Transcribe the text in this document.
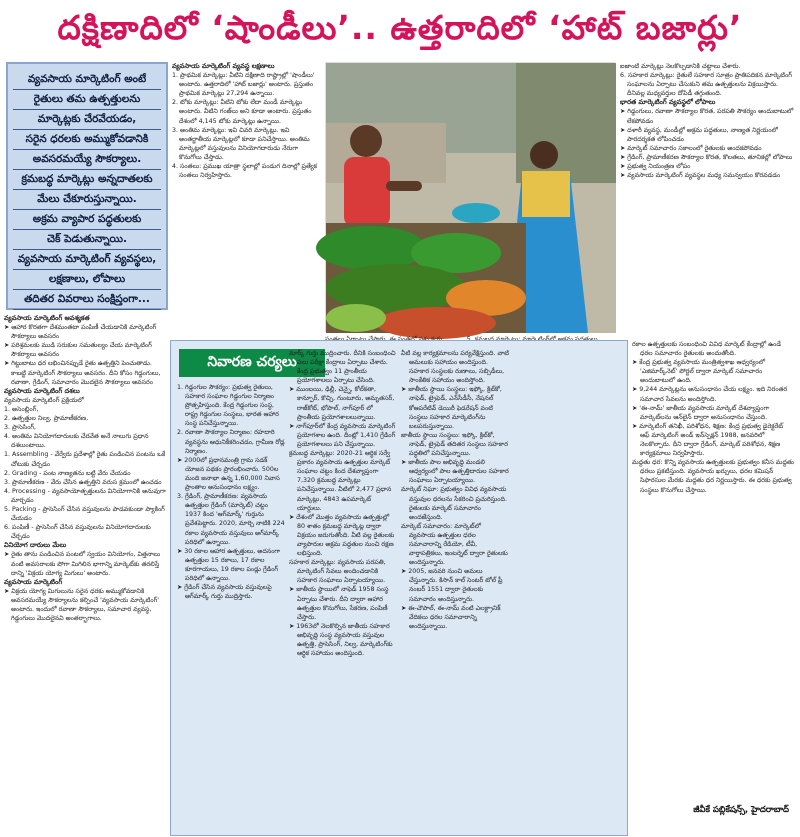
దక్షిణాదిలో ‘షాండీలు’.. ఉత్తరాదిలో ‘హాట్ బజార్లు’

వ్యవసాయ మార్కెటింగ్ అంటే

రైతులు తమ ఉత్పత్తులను

మార్కెట్లకు చేరవేయడం,

సరైన ధరలకు అమ్ముకోవడానికి

అవసరమయ్యే సౌకర్యాలు.

క్రమబద్ధ మార్కెట్లు అన్నదాతలకు

మేలు చేకూరుస్తున్నాయి.

అక్రమ వ్యాపార పద్ధతులకు

చెక్ పెడుతున్నాయి.

వ్యవసాయ మార్కెటింగ్ వ్యవస్థలు,

లక్షణాలు, లోపాలు

తదితర వివరాలు సంక్షిప్తంగా...

వ్యవసాయ మార్కెటింగ్ ఆవశ్యకత
➤ ఆహార కొరతగా దేశమంతటా పంపిణీ చేయడానికి మార్కెటింగ్ సౌకర్యాలు అవసరం
➤ పరిశ్రమలకు ముడి సరుకుల సమతుల్యం చేయ మార్కెటింగ్ సౌకర్యాలు అవసరం
➤ గిట్టుబాటు ధర లభించినప్పుడే రైతు ఉత్పత్తిని పెంచుతాడు. కాబట్టి మార్కెటింగ్ సౌకర్యాలు అవసరం. దీని కోసం గిడ్డంగులు, రవాణా, గ్రేడింగ్, సమాచారం మొదలైన సౌకర్యాలు అవసరం
వ్యవసాయ మార్కెటింగ్ దశలు
వ్యవసాయ మార్కెటింగ్ ప్రక్రియలో
1. అసెంబ్లింగ్,
2. ఉత్పత్తుల నిల్వ, ప్రామాణీకరణ,
3. ప్రాసెసింగ్,
4. అంతిమ వినియోగదారులకు చేరవేత అనే నాలుగు ప్రధాన దశలుంటాయి.
1. Assembling - వేర్వేరు ప్రదేశాల్లో రైతు పండించిన పంటను ఒకే చోటుకు చేర్చడం
2. Grading - పంట నాణ్యతను బట్టి వేరు చేయడం
3. ప్రామాణీకరణ - వేరు చేసిన ఉత్పత్తిని వరుస క్రమంలో ఉంచడం
4. Processing - వ్యవసాయోత్పత్తులను వినియోగానికి అనువుగా మార్చడం
5. Packing - ప్రాసెసింగ్ చేసిన వస్తువులను పాడవకుండా ప్యాకింగ్ చేయడం
6. పంపిణీ - ప్రాసెసింగ్ చేసిన వస్తువులను వినియోగదారులకు చేర్చడం
వినియోగ దారులు మేలు
➤ రైతు తాను పండించిన పంటలో స్వయం వినియోగం, విత్తనాలు వంటి అవసరాలకు పోగా మిగిలిన భాగాన్ని మార్కెట్‌కు తరలిస్తే దాన్ని 'విక్రయ యోగ్య మిగులు' అంటారు.
వ్యవసాయ మార్కెటింగ్
➤ విక్రయ యోగ్య మిగులును సరైన ధరకు అమ్ముకోవడానికి అవసరమయ్యే సౌకర్యాలను కల్పించే 'వ్యవసాయ మార్కెటింగ్' అంటారు. ఇందులో రవాణా సౌకర్యాలు, సమాచార వ్యవస్థ, గిడ్డంగులు మొదలైనవి అంతర్భాగాలు.
వ్యవసాయ మార్కెటింగ్ వ్యవస్థ లక్షణాలు
1. ప్రాథమిక మార్కెట్లు: వీటిని దక్షిణాది రాష్ట్రాల్లో 'షాండీలు' అంటారు. ఉత్తరాదిలో 'హాట్ బజార్లు' అంటారు. ప్రస్తుతం ప్రాథమిక మార్కెట్లు 27,294 ఉన్నాయి.
2. టోకు మార్కెట్లు: వీటిని టోకు లేదా మండీ మార్కెట్లు అంటారు. వీటిని గంజ్‌లు అని కూడా అంటారు. ప్రస్తుతం దేశంలో 4,145 టోకు మార్కెట్లు ఉన్నాయి.
3. అంతిమ మార్కెట్లు: ఇవి చివరి మార్కెట్లు. ఇవి అంతర్జాతీయ మార్కెట్లలో కూడా పనిచేస్తాయి. అంతిమ మార్కెట్లలో వస్తువులను వినియోగదారుడు నేరుగా కొనుగోలు చేస్తాడు.
4. సంతలు: ప్రముఖ యాత్రా స్థలాల్లో పండుగ దినాల్లో ప్రత్యేక సంతలు నిర్వహిస్తారు.
ఐజాంటి మార్కెట్లు నెలకొల్పడానికి చట్టాలు చేశారు.
6. సహకార మార్కెట్లు: రైతులే సహకార సూత్రం ప్రాతిపదికన మార్కెటింగ్ సంఘాలను ఏర్పాటు చేసుకుని తమ ఉత్పత్తులను విక్రయిస్తారు. దీనివల్ల మధ్యవర్తుల దోపిడీ తగ్గుతుంది.
భారత మార్కెటింగ్ వ్యవస్థలో లోపాలు
➤ గిడ్డంగులు, రవాణా సౌకర్యాల కొరత, పరపతి సౌకర్యం అందుబాటులో లేకపోవడం
➤ దళారీ వ్యవస్థ, మండీల్లో అక్రమ పద్ధతులు, నాణ్యత నిర్ణయంలో పారదర్శకత లోపించడం
➤ మార్కెట్ సమాచారం సకాలంలో రైతులకు అందకపోవడం
➤ గ్రేడింగ్, ప్రామాణీకరణ సౌకర్యాల కొరత, కొలతలు, తూనికల్లో లోపాలు
➤ ప్రభుత్వ నియంత్రణ లోపం
➤ వ్యవసాయ మార్కెటింగ్ వ్యవస్థల మధ్య సమన్వయం కొరవడడం
నివారణ చర్యలు
1. గిడ్డంగుల సౌకర్యం: ప్రభుత్వ రైతులు, సహకార సంఘాల గిడ్డంగుల నిర్మాణం ప్రోత్సహిస్తుంది. కేంద్ర గిడ్డంగుల సంస్థ, రాష్ట్ర గిడ్డంగుల సంస్థలు, భారత ఆహార సంస్థ పనిచేస్తున్నాయి.
2. రవాణా సౌకర్యాల నిర్మాణం: రహదారి వ్యవస్థను ఆధునికీకరించడం, గ్రామీణ రోడ్ల నిర్మాణం.
➤ 2000లో ప్రధానమంత్రి గ్రామ సడక్ యోజన పథకం ప్రారంభించారు. 500ల మంది జనాభా ఉన్న 1,60,000 నివాస ప్రాంతాల అనుసంధానం లక్ష్యం.
3. గ్రేడింగ్, ప్రామాణీకరణ: వ్యవసాయ ఉత్పత్తుల గ్రేడింగ్ (మార్కెట్) చట్టం 1937 కింద 'ఆగ్‌మార్క్' గుర్తును ప్రవేశపెట్టారు. 2020, మార్చి నాటికి 224 రకాల వ్యవసాయ వస్తువులు అగ్‌మార్క్ పరిధిలో ఉన్నాయి.
➤ 30 రకాల ఆహార ఉత్పత్తులు, అదనంగా ఉత్పత్తుల 15 రకాలు, 17 రకాల కూరగాయలు, 19 రకాల పండ్లు గ్రేడింగ్ పరిధిలో ఉన్నాయి.
➤ గ్రేడింగ్ చేసిన వ్యవసాయ వస్తువులపై అగ్‌మార్క్ గుర్తు ముద్రిస్తారు.
మార్క్ గుర్తు ముద్రించారు. దీనికి సంబంధించి పలు పరీక్షా కేంద్రాలు ఏర్పాటు చేశారు. కేంద్ర ప్రభుత్వం 11 ప్రాంతీయ ప్రయోగశాలలు ఏర్పాటు చేసింది.
➤ ముంబయి, ఢిల్లీ, చెన్నై, కోల్‌కతా, కాన్పూర్, కొచ్చి, గుంటూరు, అమృతసర్, రాజ్‌కోట్, భోపాల్, నాగ్‌పూర్ లో ప్రాంతీయ ప్రయోగశాలలున్నాయి.
➤ నాగ్‌పూర్‌లో కేంద్ర వ్యవసాయ మార్కెటింగ్ ప్రయోగశాల ఉంది. దీంట్లో 1,410 గ్రేడింగ్ ప్రయోగశాలలు పని చేస్తున్నాయి.
క్రమబద్ధ మార్కెట్లు: 2020-21 ఆర్థిక సర్వే ప్రకారం వ్యవసాయ ఉత్పత్తుల మార్కెట్ సంఘాల చట్టం కింద దేశవ్యాప్తంగా 7,320 క్రమబద్ధ మార్కెట్లు పనిచేస్తున్నాయి. వీటిలో 2,477 ప్రధాన మార్కెట్లు, 4843 ఉపమార్కెట్ యార్డులు.
➤ దేశంలో మొత్తం వ్యవసాయ ఉత్పత్తుల్లో 80 శాతం క్రమబద్ధ మార్కెట్ల ద్వారా విక్రయం జరుగుతోంది. వీటి వల్ల రైతులకు వ్యాపారుల అక్రమ పద్ధతుల నుంచి రక్షణ లభిస్తుంది.
సహకార మార్కెట్లు: వ్యవసాయ పరపతి, మార్కెటింగ్ సేవలు అందించడానికి సహకార సంఘాలు ఏర్పాటయ్యాయి.
➤ జాతీయ స్థాయిలో నాఫెడ్ 1958 సంస్థ ఏర్పాటు చేశారు. దీని ద్వారా ఆహార ఉత్పత్తుల కొనుగోలు, సేకరణ, పంపిణీ చేస్తారు.
➤ 1963లో నెలకొల్పిన జాతీయ సహకార అభివృద్ధి సంస్థ వ్యవసాయ వస్తువుల ఉత్పత్తి, ప్రాసెసింగ్, నిల్వ, మార్కెటింగ్‌కు ఆర్థిక సహాయం అందిస్తుంది.
వీటి వల్ల కార్యక్రమాలను పర్యవేక్షిస్తుంది. వాటి అమలుకు సహాయం అందిస్తుంది. సహకార సంస్థలకు రుణాలు, సబ్సిడీలు, సాంకేతిక సహాయం అందిస్తోంది.
➤ జాతీయ స్థాయి సంస్థలు: ఇఫ్కో, క్రిబ్‌కో, నాఫెడ్, ట్రైఫెడ్, ఎన్‌సీడీసీ, నేషనల్ కోఆపరేటివ్ డెయిరీ ఫెడరేషన్ వంటి సంస్థలు సహకార మార్కెటింగ్‌ను బలపరుస్తున్నాయి.
జాతీయ స్థాయి సంస్థలు: ఇఫ్కో, క్రిబ్‌కో, నాఫెడ్, ట్రైఫెడ్ తదితర సంస్థలు సహకార పద్ధతిలో పనిచేస్తున్నాయి.
➤ జాతీయ పాల అభివృద్ధి మండలి ఆధ్వర్యంలో పాల ఉత్పత్తిదారుల సహకార సంఘాలు ఏర్పాటయ్యాయి.
మార్కెట్ నిఘా: ప్రభుత్వం వివిధ వ్యవసాయ వస్తువుల ధరలను సేకరించి ప్రచురిస్తుంది. రైతులకు మార్కెట్ సమాచారం అందజేస్తుంది.
మార్కెట్ సమాచారం: మార్కెట్‌లో వ్యవసాయ ఉత్పత్తుల ధరల సమాచారాన్ని రేడియో, టీవీ, వార్తాపత్రికలు, ఇంటర్నెట్ ద్వారా రైతులకు అందిస్తున్నారు.
➤ 2005, జనవరి నుంచి అమలు చేస్తున్నారు. కిసాన్ కాల్ సెంటర్ టోల్ ఫ్రీ నంబర్ 1551 ద్వారా రైతులకు సమాచారం అందిస్తున్నారు.
➤ ఈ-చౌపాల్, ఈ-నామ్ వంటి ఎలక్ట్రానిక్ వేదికలు ధరల సమాచారాన్ని అందిస్తున్నాయి.
రకాల ఉత్పత్తులకు సంబంధించి వివిధ మార్కెట్ కేంద్రాల్లో ఉండే ధరల సమాచారం రైతులకు అందుతోంది.
➤ కేంద్ర ప్రభుత్వ వ్యవసాయ మంత్రిత్వశాఖ ఆధ్వర్యంలో 'ఎజిమార్క్‌నెట్' పోర్టల్ ద్వారా మార్కెట్ సమాచారం అందుబాటులో ఉంది.
➤ 9,244 మార్కెట్లను అనుసంధానం చేయ లక్ష్యం. ఇది నిరంతర సమాచార సేవలను అందిస్తోంది.
➤ 'ఈ-నామ్' జాతీయ వ్యవసాయ మార్కెట్ దేశవ్యాప్తంగా మార్కెట్‌లను ఆన్‌లైన్ ద్వారా అనుసంధానం చేస్తుంది.
➤ మార్కెటింగ్ తనిఖీ, పరిశోధన, శిక్షణ: కేంద్ర ప్రభుత్వ డైరెక్టరేట్ ఆఫ్ మార్కెటింగ్ అండ్ ఇన్‌స్పెక్షన్ 1988, జనవరిలో నెలకొల్పారు. దీని ద్వారా గ్రేడింగ్, మార్కెట్ పరిశోధన, శిక్షణ కార్యక్రమాలు నిర్వహిస్తారు.
మద్దతు ధర: కొన్ని వ్యవసాయ ఉత్పత్తులకు ప్రభుత్వం కనీస మద్దతు ధరలు ప్రకటిస్తుంది. వ్యవసాయ ఖర్చులు, ధరల కమిషన్ సిఫారసుల మేరకు మద్దతు ధర నిర్ణయిస్తారు. ఈ ధరకు ప్రభుత్వ సంస్థలు కొనుగోలు చేస్తాయి.
జీవీకే పబ్లికేషన్స్, హైదరాబాద్
